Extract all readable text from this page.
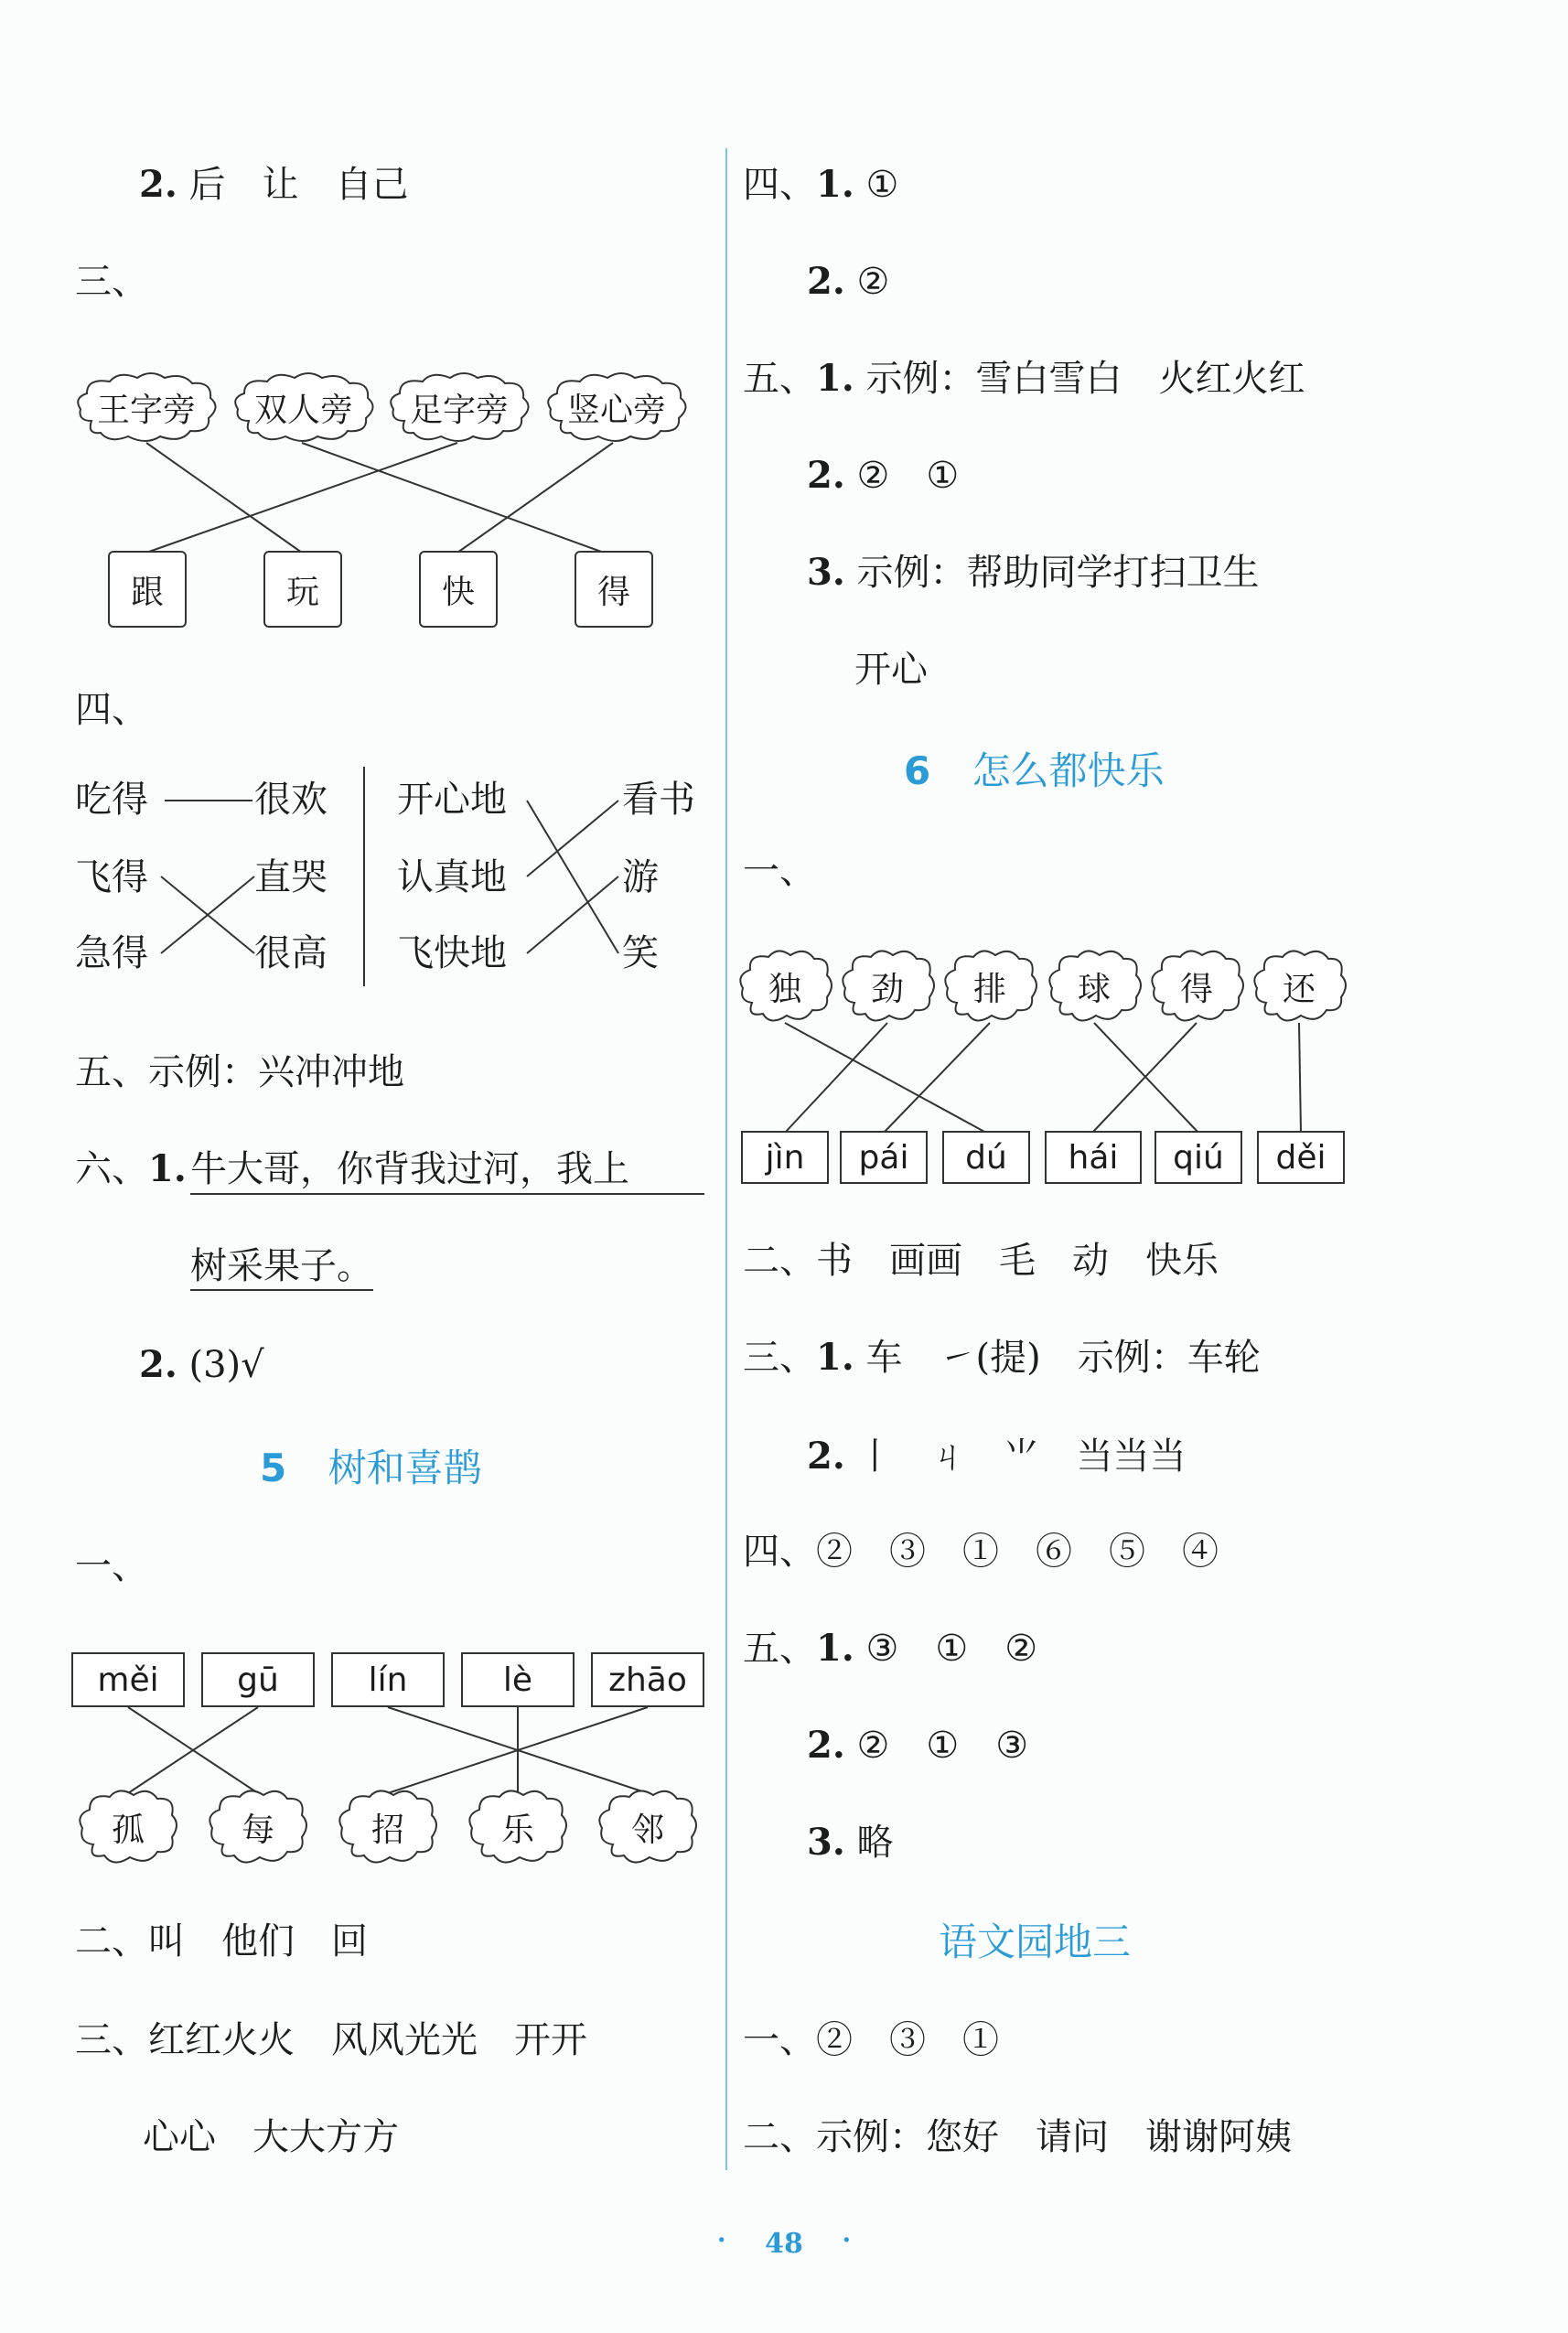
2. 后　让　自己
三、
王字旁	双人旁	足字旁	竖心旁
跟	玩	快	得
四、
吃得
飞得
急得
很欢
直哭
很高
开心地
认真地
飞快地
看书
游
笑
五、示例：兴冲冲地
六、1. 牛大哥，你背我过河，我上
树采果子。
2. (3)√
5 树和喜鹊
一、
měi gū	lín	lè zhāo
孤	每	招	乐	邻
二、叫　他们　回
三、红红火火　风风光光　开开
心心　大大方方
四、1. ①
2. ②
五、1. 示例：雪白雪白　火红火红
2. ②　①
3. 示例：帮助同学打扫卫生
开心
6 怎么都快乐
一、
独	劲	排	球	得	还
jìn pái dú hái qiú děi
二、书　画画　毛　动　快乐
三、1. 车　㇀(提)　示例：车轮
2. 丨　ㄐ　⺌　当当当
四、②　③　①　⑥　⑤　④
五、1. ③　①　②
2. ②　①　③
3. 略
语文园地三
一、②　③　①
二、示例：您好　请问　谢谢阿姨
· 48 ·
